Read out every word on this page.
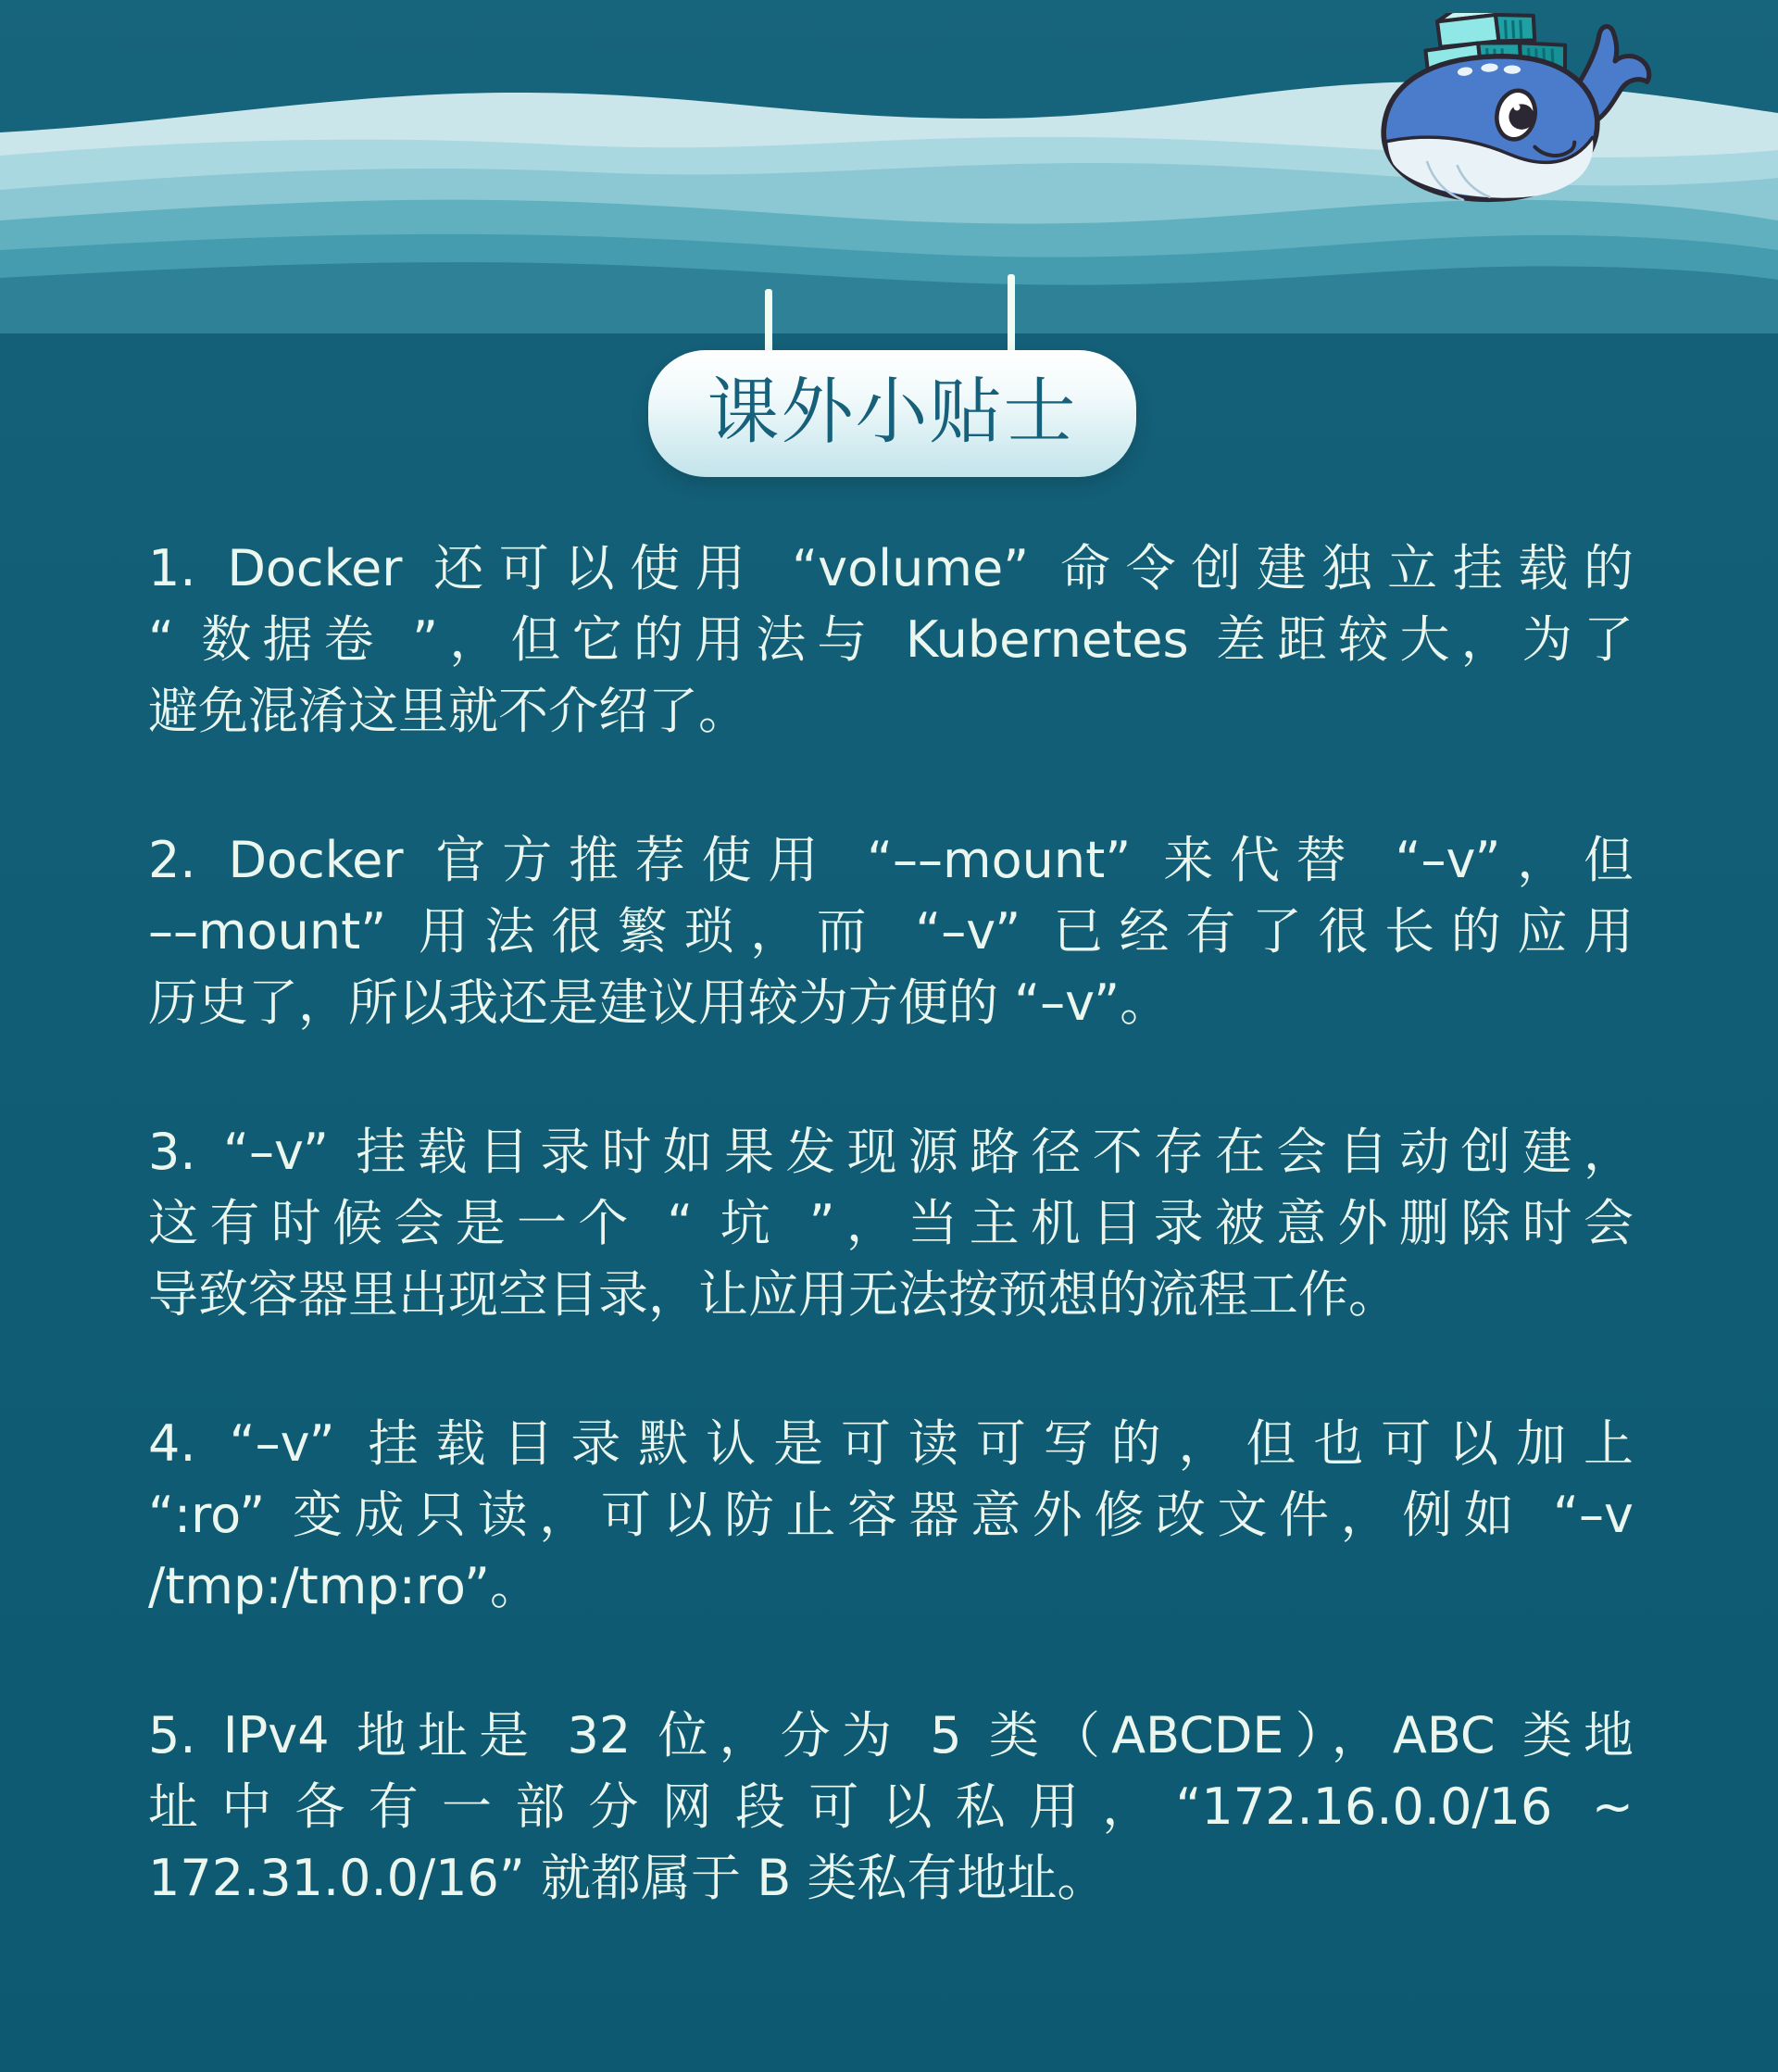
课外小贴士
1. Docker 还可以使用 “volume” 命令创建独立挂载的
“ 数据卷 ”，但它的用法与 Kubernetes 差距较大，为了
避免混淆这里就不介绍了。
2. Docker 官方推荐使用 “––mount” 来代替 “–v”，但
––mount” 用法很繁琐，而 “–v” 已经有了很长的应用
历史了，所以我还是建议用较为方便的 “–v”。
3. “–v” 挂载目录时如果发现源路径不存在会自动创建，
这有时候会是一个 “ 坑 ”，当主机目录被意外删除时会
导致容器里出现空目录，让应用无法按预想的流程工作。
4. “–v” 挂载目录默认是可读可写的，但也可以加上
“:ro” 变成只读，可以防止容器意外修改文件，例如 “–v
/tmp:/tmp:ro”。
5. IPv4 地址是 32 位，分为 5 类（ABCDE），ABC 类地
址中各有一部分网段可以私用，“172.16.0.0/16 ~
172.31.0.0/16” 就都属于 B 类私有地址。
